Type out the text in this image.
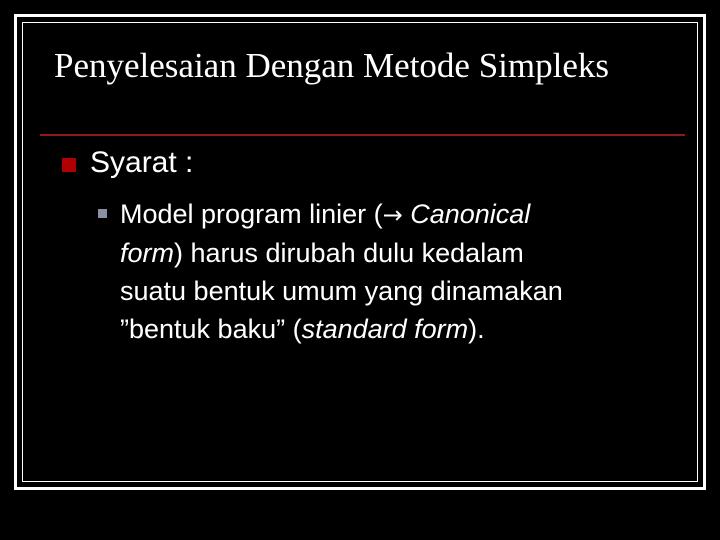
Penyelesaian Dengan Metode Simpleks
Syarat :
Model program linier (→ Canonical
form) harus dirubah dulu kedalam
suatu bentuk umum yang dinamakan
”bentuk baku” (standard form).
